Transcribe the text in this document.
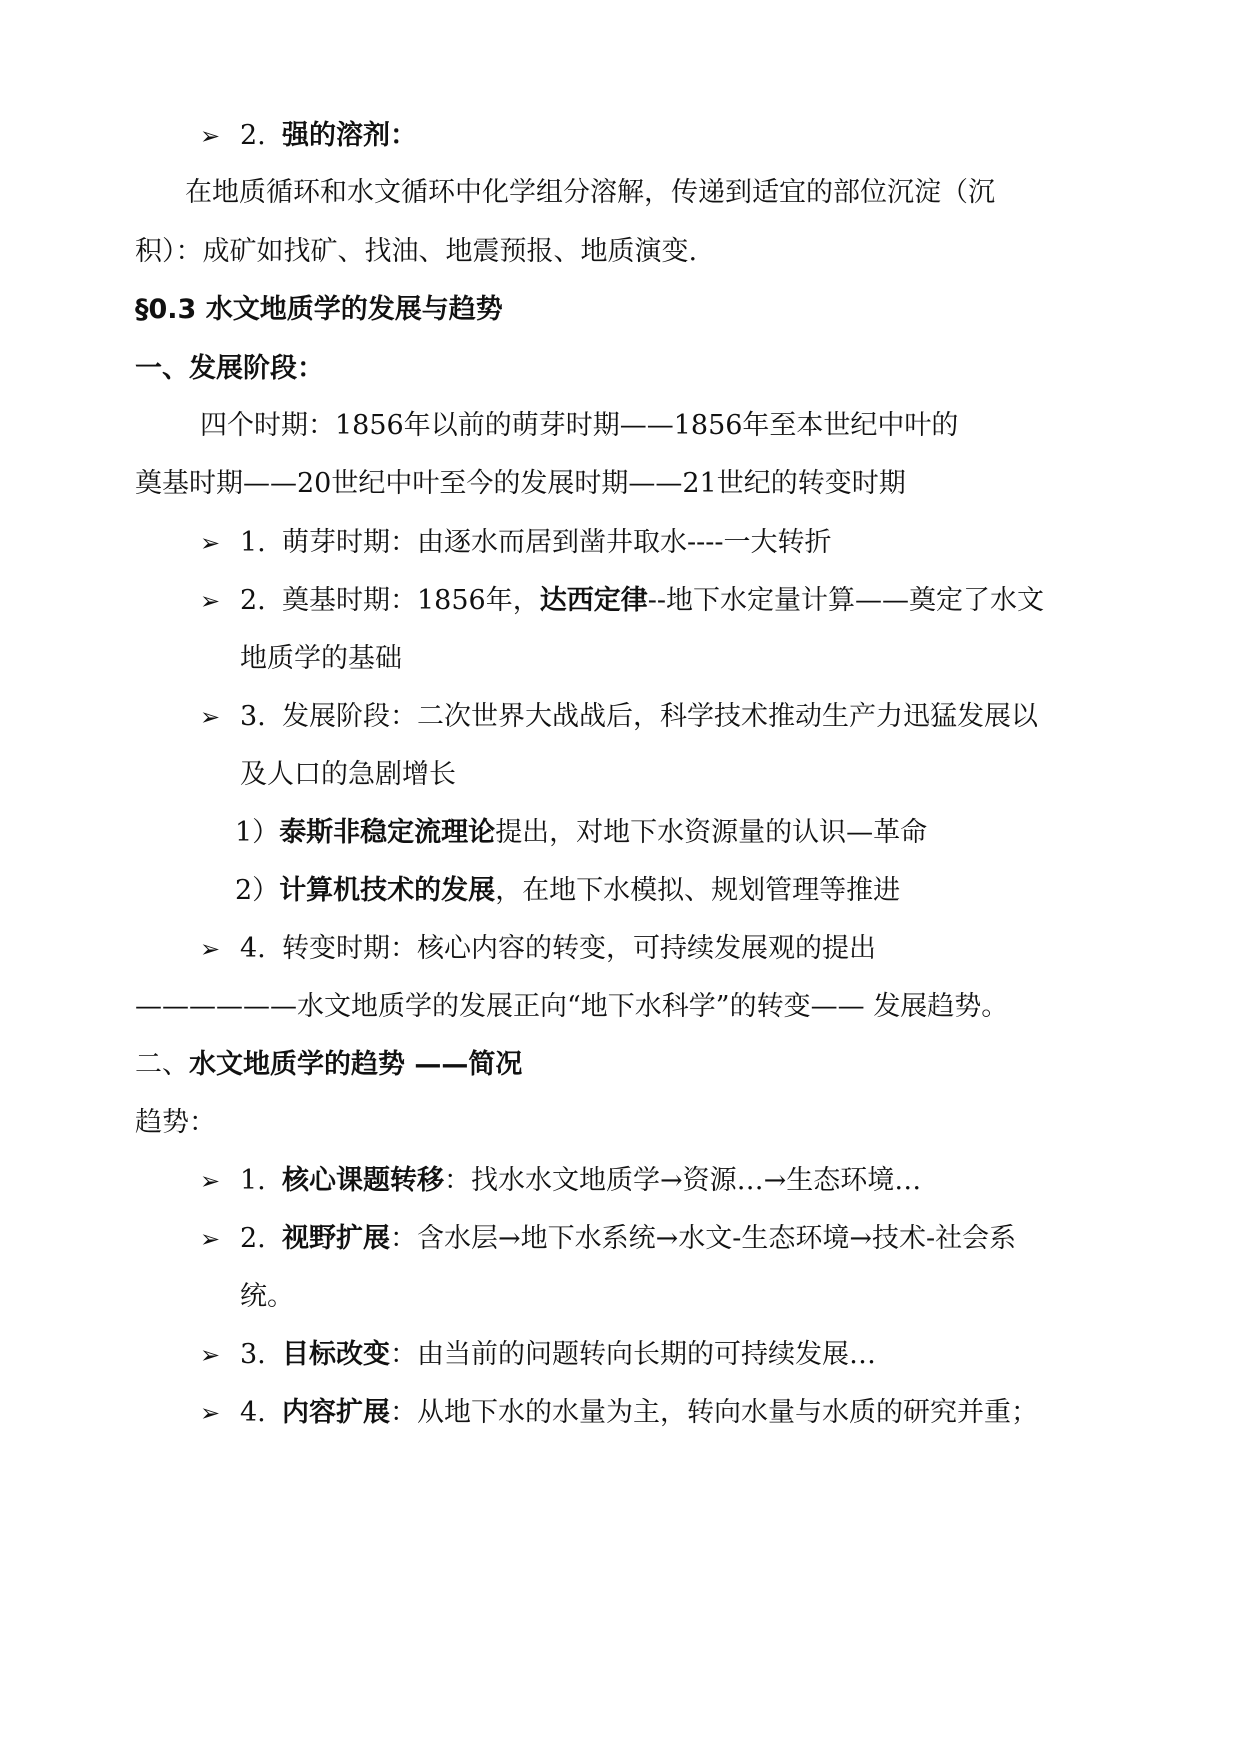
➢ 2. 强的溶剂：
在地质循环和水文循环中化学组分溶解，传递到适宜的部位沉淀（沉
积）：成矿如找矿、找油、地震预报、地质演变.
§0.3 水文地质学的发展与趋势
一、发展阶段：
四个时期：1856年以前的萌芽时期——1856年至本世纪中叶的
奠基时期——20世纪中叶至今的发展时期——21世纪的转变时期
➢ 1. 萌芽时期：由逐水而居到凿井取水----一大转折
➢ 2. 奠基时期：1856年，达西定律--地下水定量计算——奠定了水文
地质学的基础
➢ 3. 发展阶段：二次世界大战战后，科学技术推动生产力迅猛发展以
及人口的急剧增长
1）泰斯非稳定流理论提出，对地下水资源量的认识—革命
2）计算机技术的发展，在地下水模拟、规划管理等推进
➢ 4. 转变时期：核心内容的转变，可持续发展观的提出
——————水文地质学的发展正向“地下水科学”的转变—— 发展趋势。
二、水文地质学的趋势 ——简况
趋势：
➢ 1. 核心课题转移：找水水文地质学→资源…→生态环境…
➢ 2. 视野扩展：含水层→地下水系统→水文-生态环境→技术-社会系
统。
➢ 3. 目标改变：由当前的问题转向长期的可持续发展…
➢ 4. 内容扩展：从地下水的水量为主，转向水量与水质的研究并重；
